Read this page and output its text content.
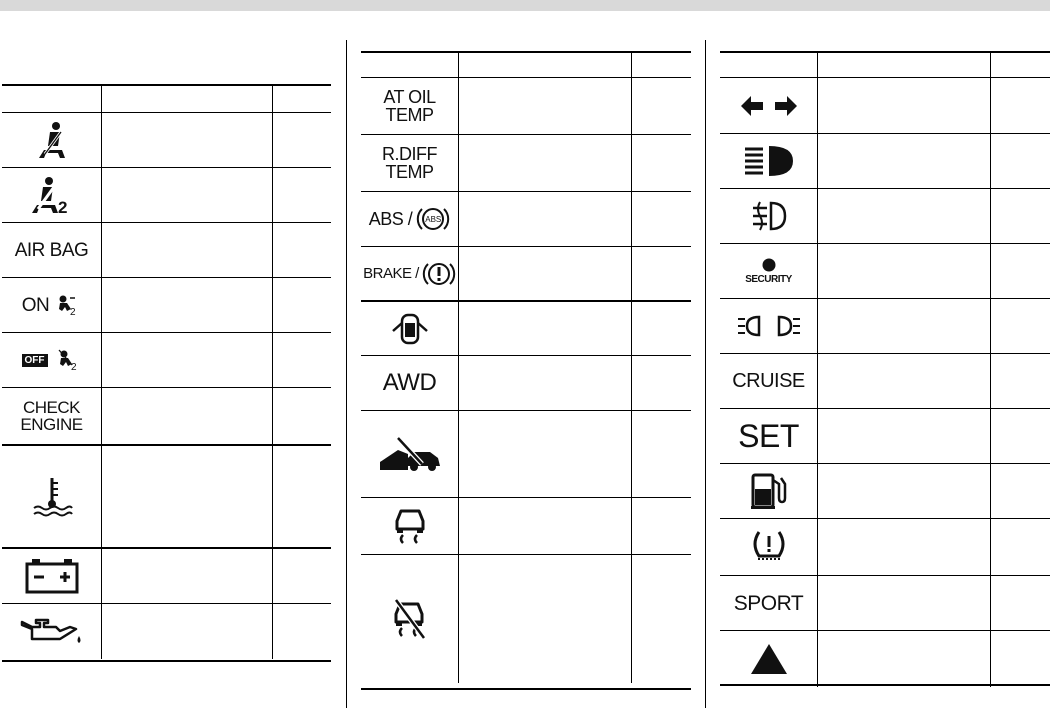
2
AIR BAG
ON 2
OFF
2
CHECK
ENGINE
AT OIL
TEMP
R.DIFF
TEMP
ABS /	ABS
BRAKE /
AWD
SECURITY
CRUISE
SET
SPORT
